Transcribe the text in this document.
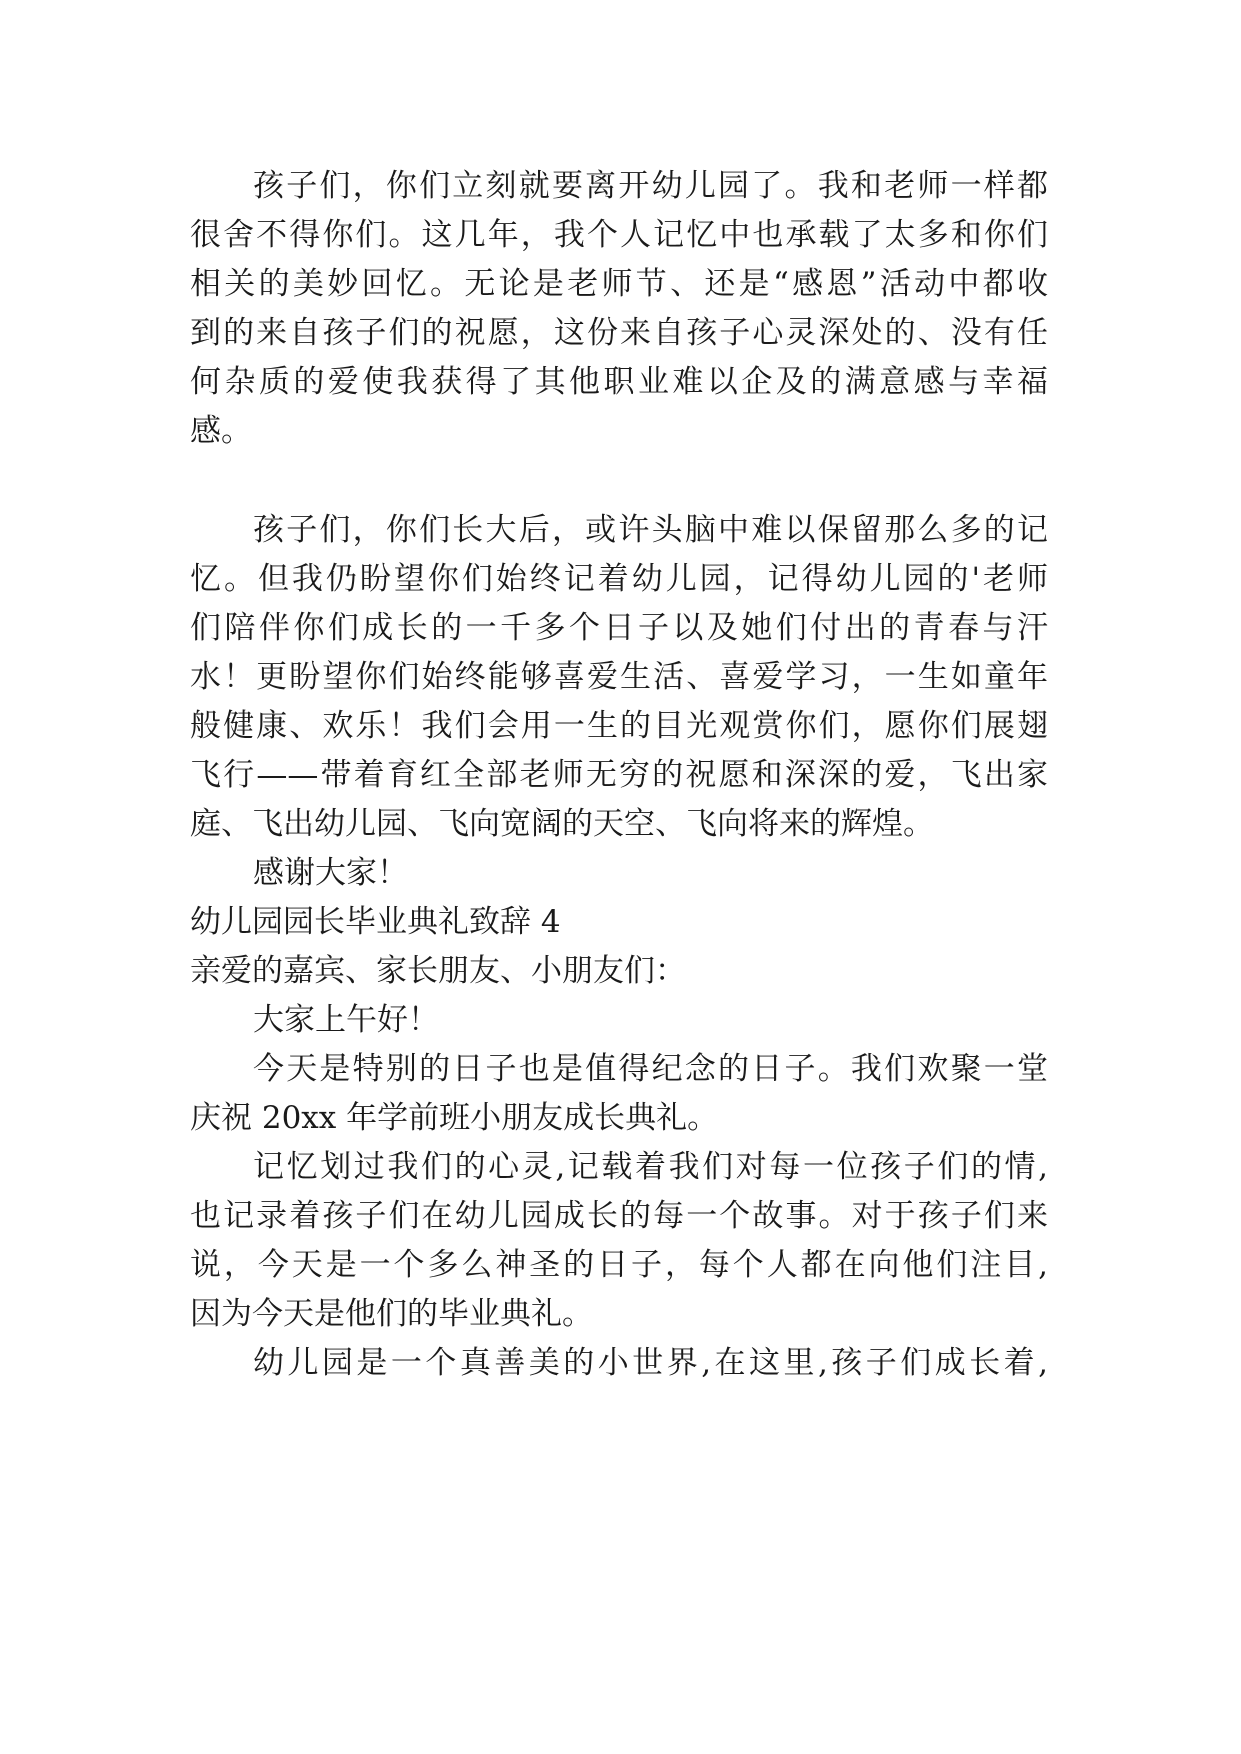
孩子们，你们立刻就要离开幼儿园了。我和老师一样都
很舍不得你们。这几年，我个人记忆中也承载了太多和你们
相关的美妙回忆。无论是老师节、还是“感恩”活动中都收
到的来自孩子们的祝愿，这份来自孩子心灵深处的、没有任
何杂质的爱使我获得了其他职业难以企及的满意感与幸福
感。
孩子们，你们长大后，或许头脑中难以保留那么多的记
忆。但我仍盼望你们始终记着幼儿园，记得幼儿园的'老师
们陪伴你们成长的一千多个日子以及她们付出的青春与汗
水！更盼望你们始终能够喜爱生活、喜爱学习，一生如童年
般健康、欢乐！我们会用一生的目光观赏你们，愿你们展翅
飞行——带着育红全部老师无穷的祝愿和深深的爱，飞出家
庭、飞出幼儿园、飞向宽阔的天空、飞向将来的辉煌。
感谢大家！
幼儿园园长毕业典礼致辞 4
亲爱的嘉宾、家长朋友、小朋友们：
大家上午好！
今天是特别的日子也是值得纪念的日子。我们欢聚一堂
庆祝 20xx 年学前班小朋友成长典礼。
记忆划过我们的心灵,记载着我们对每一位孩子们的情,
也记录着孩子们在幼儿园成长的每一个故事。对于孩子们来
说，今天是一个多么神圣的日子，每个人都在向他们注目,
因为今天是他们的毕业典礼。
幼儿园是一个真善美的小世界,在这里,孩子们成长着,
